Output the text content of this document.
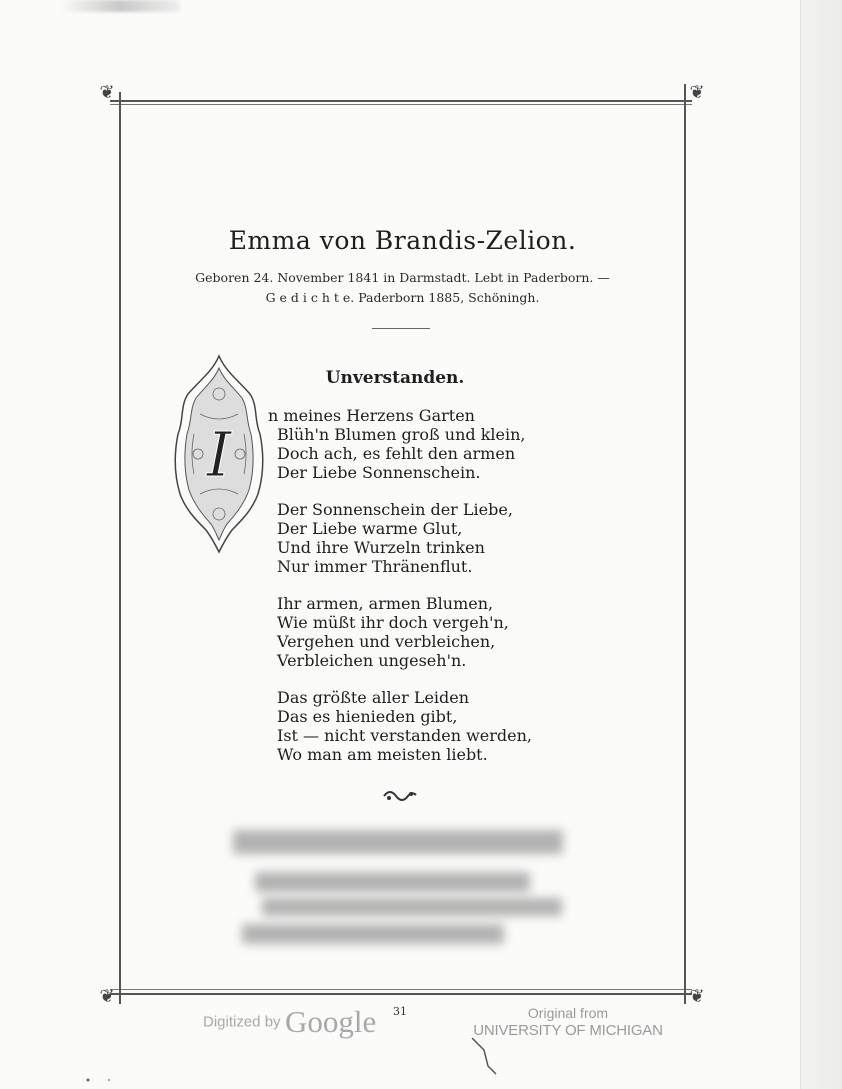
❦	❦
❦	❦
Emma von Brandis-Zelion.
Geboren 24. November 1841 in Darmstadt. Lebt in Paderborn. —
G e d i c h t e. Paderborn 1885, Schöningh.
Unverstanden.
I
n meines Herzens Garten
Blüh'n Blumen groß und klein,
Doch ach, es fehlt den armen
Der Liebe Sonnenschein.
Der Sonnenschein der Liebe,
Der Liebe warme Glut,
Und ihre Wurzeln trinken
Nur immer Thränenflut.
Ihr armen, armen Blumen,
Wie müßt ihr doch vergeh'n,
Vergehen und verbleichen,
Verbleichen ungeseh'n.
Das größte aller Leiden
Das es hienieden gibt,
Ist — nicht verstanden werden,
Wo man am meisten liebt.
Digitized by Google 31	Original from
UNIVERSITY OF MICHIGAN
